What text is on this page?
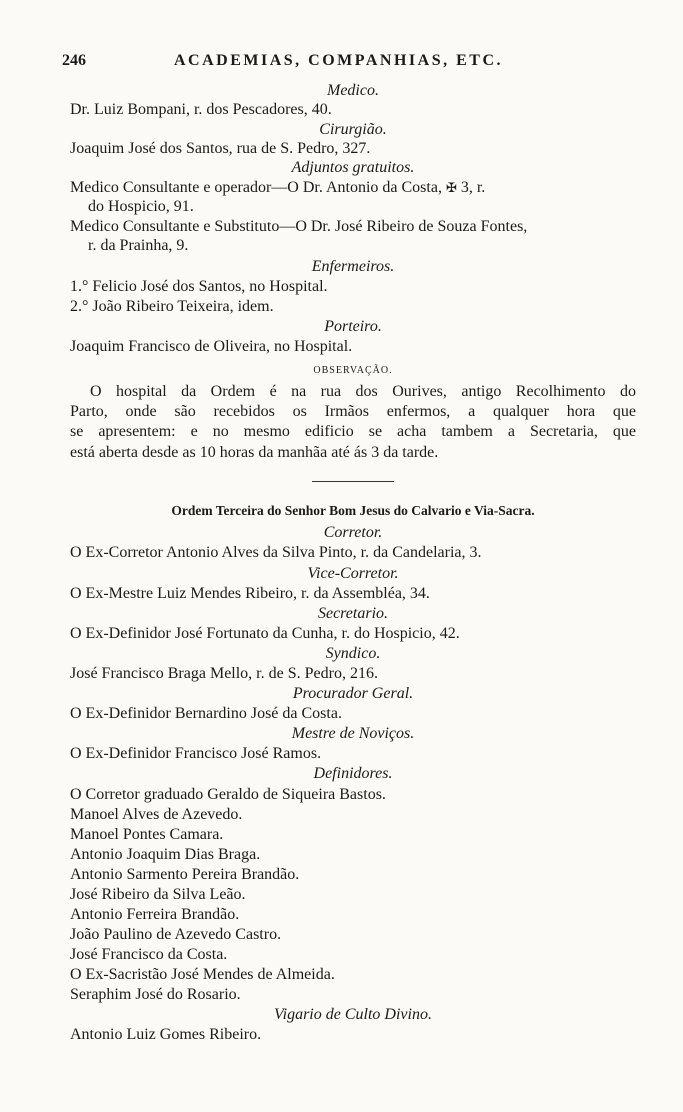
246	ACADEMIAS, COMPANHIAS, ETC.
Medico.
Dr. Luiz Bompani, r. dos Pescadores, 40.
Cirurgião.
Joaquim José dos Santos, rua de S. Pedro, 327.
Adjuntos gratuitos.
Medico Consultante e operador—O Dr. Antonio da Costa, ✠ 3, r.
do Hospicio, 91.
Medico Consultante e Substituto—O Dr. José Ribeiro de Souza Fontes,
r. da Prainha, 9.
Enfermeiros.
1.° Felicio José dos Santos, no Hospital.
2.° João Ribeiro Teixeira, idem.
Porteiro.
Joaquim Francisco de Oliveira, no Hospital.
OBSERVAÇÃO.
O hospital da Ordem é na rua dos Ourives, antigo Recolhimento do
Parto, onde são recebidos os Irmãos enfermos, a qualquer hora que
se apresentem: e no mesmo edificio se acha tambem a Secretaria, que
está aberta desde as 10 horas da manhãa até ás 3 da tarde.
Ordem Terceira do Senhor Bom Jesus do Calvario e Via-Sacra.
Corretor.
O Ex-Corretor Antonio Alves da Silva Pinto, r. da Candelaria, 3.
Vice-Corretor.
O Ex-Mestre Luiz Mendes Ribeiro, r. da Assembléa, 34.
Secretario.
O Ex-Definidor José Fortunato da Cunha, r. do Hospicio, 42.
Syndico.
José Francisco Braga Mello, r. de S. Pedro, 216.
Procurador Geral.
O Ex-Definidor Bernardino José da Costa.
Mestre de Noviços.
O Ex-Definidor Francisco José Ramos.
Definidores.
O Corretor graduado Geraldo de Siqueira Bastos.
Manoel Alves de Azevedo.
Manoel Pontes Camara.
Antonio Joaquim Dias Braga.
Antonio Sarmento Pereira Brandão.
José Ribeiro da Silva Leão.
Antonio Ferreira Brandão.
João Paulino de Azevedo Castro.
José Francisco da Costa.
O Ex-Sacristão José Mendes de Almeida.
Seraphim José do Rosario.
Vigario de Culto Divino.
Antonio Luiz Gomes Ribeiro.
